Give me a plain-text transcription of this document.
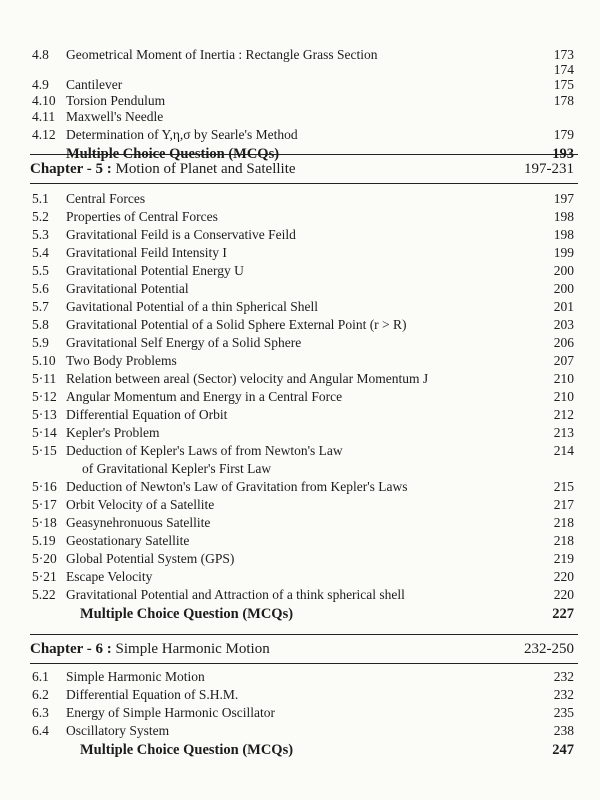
4.8 Geometrical Moment of Inertia : Rectangle Grass Section	173
174
4.9 Cantilever	175
4.10 Torsion Pendulum	178
4.11 Maxwell's Needle
4.12 Determination of Y,η,σ by Searle's Method	179
Multiple Choice Question (MCQs)	193
Chapter - 5 : Motion of Planet and Satellite	197-231
5.1 Central Forces	197
5.2 Properties of Central Forces	198
5.3 Gravitational Feild is a Conservative Feild	198
5.4 Gravitational Feild Intensity I	199
5.5 Gravitational Potential Energy U	200
5.6 Gravitational Potential	200
5.7 Gavitational Potential of a thin Spherical Shell	201
5.8 Gravitational Potential of a Solid Sphere External Point (r > R)	203
5.9 Gravitational Self Energy of a Solid Sphere	206
5.10 Two Body Problems	207
5·11 Relation between areal (Sector) velocity and Angular Momentum J	210
5·12 Angular Momentum and Energy in a Central Force	210
5·13 Differential Equation of Orbit	212
5·14 Kepler's Problem	213
5·15 Deduction of Kepler's Laws of from Newton's Law	214
of Gravitational Kepler's First Law
5·16 Deduction of Newton's Law of Gravitation from Kepler's Laws	215
5·17 Orbit Velocity of a Satellite	217
5·18 Geasynehronuous Satellite	218
5.19 Geostationary Satellite	218
5·20 Global Potential System (GPS)	219
5·21 Escape Velocity	220
5.22 Gravitational Potential and Attraction of a think spherical shell	220
Multiple Choice Question (MCQs)	227
Chapter - 6 : Simple Harmonic Motion	232-250
6.1 Simple Harmonic Motion	232
6.2 Differential Equation of S.H.M.	232
6.3 Energy of Simple Harmonic Oscillator	235
6.4 Oscillatory System	238
Multiple Choice Question (MCQs)	247
